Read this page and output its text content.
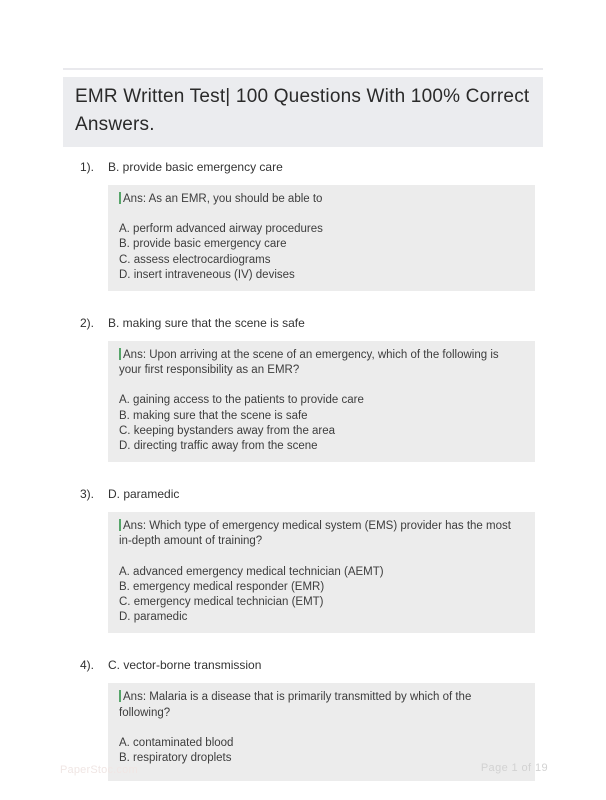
EMR Written Test| 100 Questions With 100% Correct Answers.
1).	B. provide basic emergency care
Ans: As an EMR, you should be able to
A. perform advanced airway procedures
B. provide basic emergency care
C. assess electrocardiograms
D. insert intraveneous (IV) devises
2).	B. making sure that the scene is safe
Ans: Upon arriving at the scene of an emergency, which of the following is your first responsibility as an EMR?
A. gaining access to the patients to provide care
B. making sure that the scene is safe
C. keeping bystanders away from the area
D. directing traffic away from the scene
3).	D. paramedic
Ans: Which type of emergency medical system (EMS) provider has the most in-depth amount of training?
A. advanced emergency medical technician (AEMT)
B. emergency medical responder (EMR)
C. emergency medical technician (EMT)
D. paramedic
4).	C. vector-borne transmission
Ans: Malaria is a disease that is primarily transmitted by which of the following?
A. contaminated blood
B. respiratory droplets
PaperStoc.com	Page 1 of 19
